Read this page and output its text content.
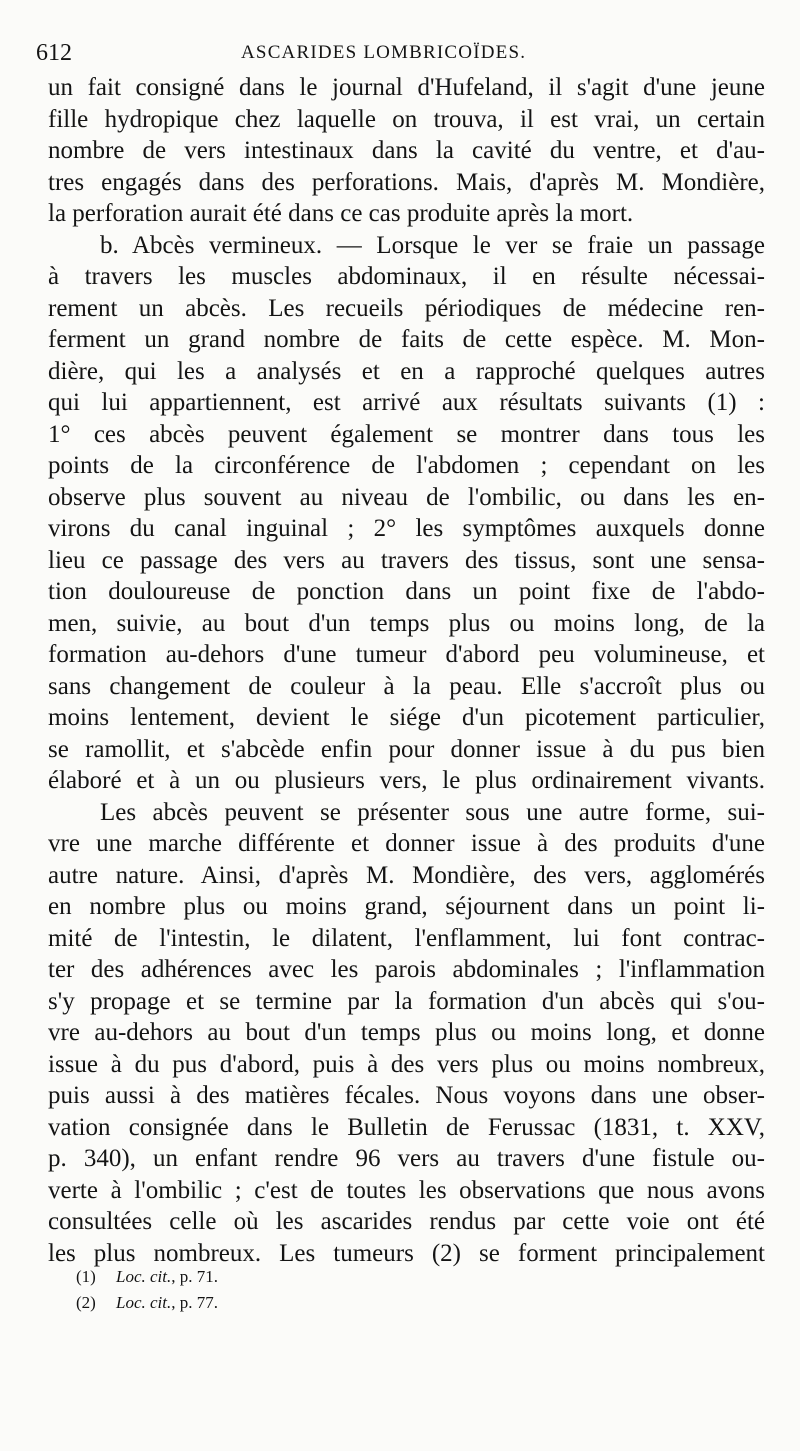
612	ASCARIDES LOMBRICOÏDES.
un fait consigné dans le journal d'Hufeland, il s'agit d'une jeune
fille hydropique chez laquelle on trouva, il est vrai, un certain
nombre de vers intestinaux dans la cavité du ventre, et d'au-
tres engagés dans des perforations. Mais, d'après M. Mondière,
la perforation aurait été dans ce cas produite après la mort.
b. Abcès vermineux. — Lorsque le ver se fraie un passage
à travers les muscles abdominaux, il en résulte nécessai-
rement un abcès. Les recueils périodiques de médecine ren-
ferment un grand nombre de faits de cette espèce. M. Mon-
dière, qui les a analysés et en a rapproché quelques autres
qui lui appartiennent, est arrivé aux résultats suivants (1) :
1° ces abcès peuvent également se montrer dans tous les
points de la circonférence de l'abdomen ; cependant on les
observe plus souvent au niveau de l'ombilic, ou dans les en-
virons du canal inguinal ; 2° les symptômes auxquels donne
lieu ce passage des vers au travers des tissus, sont une sensa-
tion douloureuse de ponction dans un point fixe de l'abdo-
men, suivie, au bout d'un temps plus ou moins long, de la
formation au-dehors d'une tumeur d'abord peu volumineuse, et
sans changement de couleur à la peau. Elle s'accroît plus ou
moins lentement, devient le siége d'un picotement particulier,
se ramollit, et s'abcède enfin pour donner issue à du pus bien
élaboré et à un ou plusieurs vers, le plus ordinairement vivants.
Les abcès peuvent se présenter sous une autre forme, sui-
vre une marche différente et donner issue à des produits d'une
autre nature. Ainsi, d'après M. Mondière, des vers, agglomérés
en nombre plus ou moins grand, séjournent dans un point li-
mité de l'intestin, le dilatent, l'enflamment, lui font contrac-
ter des adhérences avec les parois abdominales ; l'inflammation
s'y propage et se termine par la formation d'un abcès qui s'ou-
vre au-dehors au bout d'un temps plus ou moins long, et donne
issue à du pus d'abord, puis à des vers plus ou moins nombreux,
puis aussi à des matières fécales. Nous voyons dans une obser-
vation consignée dans le Bulletin de Ferussac (1831, t. XXV,
p. 340), un enfant rendre 96 vers au travers d'une fistule ou-
verte à l'ombilic ; c'est de toutes les observations que nous avons
consultées celle où les ascarides rendus par cette voie ont été
les plus nombreux. Les tumeurs (2) se forment principalement
(1) Loc. cit., p. 71.
(2) Loc. cit., p. 77.
